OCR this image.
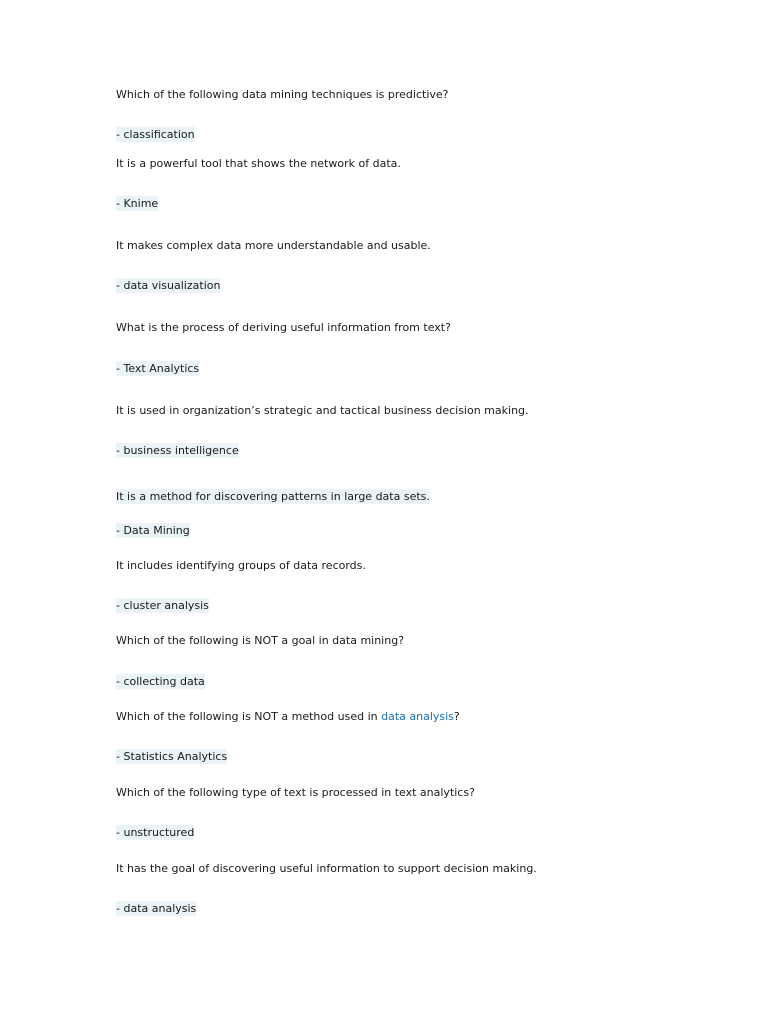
Which of the following data mining techniques is predictive?
- classification
It is a powerful tool that shows the network of data.
- Knime
It makes complex data more understandable and usable.
- data visualization
What is the process of deriving useful information from text?
- Text Analytics
It is used in organization’s strategic and tactical business decision making.
- business intelligence
It is a method for discovering patterns in large data sets.
- Data Mining
It includes identifying groups of data records.
- cluster analysis
Which of the following is NOT a goal in data mining?
- collecting data
Which of the following is NOT a method used in data analysis?
- Statistics Analytics
Which of the following type of text is processed in text analytics?
- unstructured
It has the goal of discovering useful information to support decision making.
- data analysis
